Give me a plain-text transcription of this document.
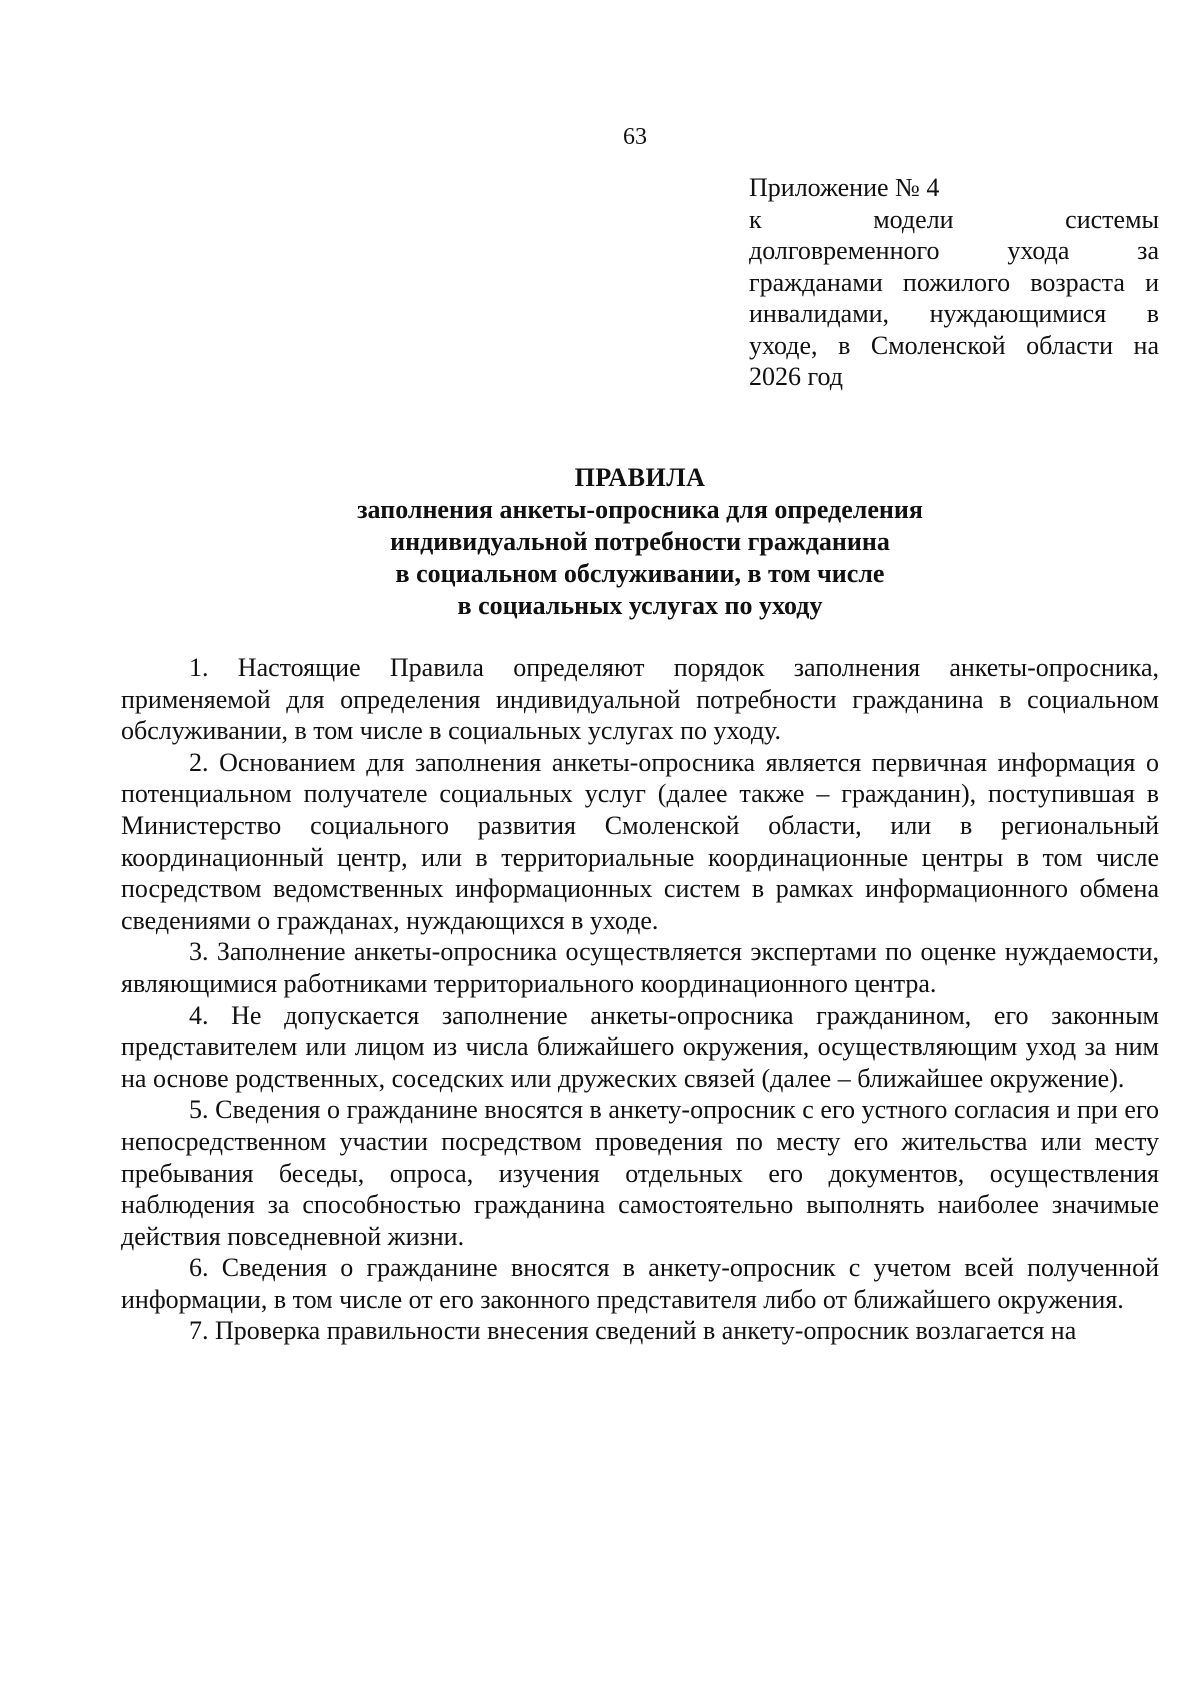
63
Приложение № 4
к модели системы
долговременного ухода за
гражданами пожилого возраста и
инвалидами, нуждающимися в
уходе, в Смоленской области на
2026 год
ПРАВИЛА
заполнения анкеты-опросника для определения
индивидуальной потребности гражданина
в социальном обслуживании, в том числе
в социальных услугах по уходу

1. Настоящие Правила определяют порядок заполнения анкеты-опросника, применяемой для определения индивидуальной потребности гражданина в социальном обслуживании, в том числе в социальных услугах по уходу.

2. Основанием для заполнения анкеты-опросника является первичная информация о потенциальном получателе социальных услуг (далее также – гражданин), поступившая в Министерство социального развития Смоленской области, или в региональный координационный центр, или в территориальные координационные центры в том числе посредством ведомственных информационных систем в рамках информационного обмена сведениями о гражданах, нуждающихся в уходе.

3. Заполнение анкеты-опросника осуществляется экспертами по оценке нуждаемости, являющимися работниками территориального координационного центра.

4. Не допускается заполнение анкеты-опросника гражданином, его законным представителем или лицом из числа ближайшего окружения, осуществляющим уход за ним на основе родственных, соседских или дружеских связей (далее – ближайшее окружение).

5. Сведения о гражданине вносятся в анкету-опросник с его устного согласия и при его непосредственном участии посредством проведения по месту его жительства или месту пребывания беседы, опроса, изучения отдельных его документов, осуществления наблюдения за способностью гражданина самостоятельно выполнять наиболее значимые действия повседневной жизни.

6. Сведения о гражданине вносятся в анкету-опросник с учетом всей полученной информации, в том числе от его законного представителя либо от ближайшего окружения.

7. Проверка правильности внесения сведений в анкету-опросник возлагается на
